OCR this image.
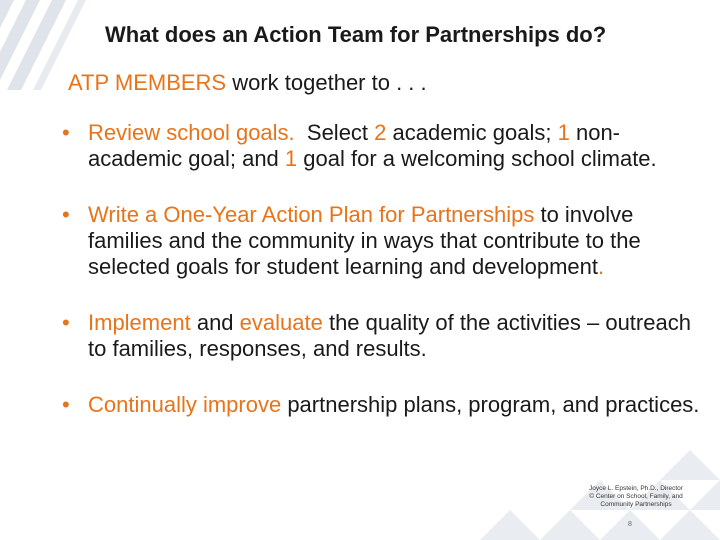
What does an Action Team for Partnerships do?
ATP MEMBERS work together to . . .
• Review school goals.  Select 2 academic goals; 1 non-academic goal; and 1 goal for a welcoming school climate.
• Write a One-Year Action Plan for Partnerships to involve families and the community in ways that contribute to the selected goals for student learning and development.
• Implement and evaluate the quality of the activities – outreach to families, responses, and results.
• Continually improve partnership plans, program, and practices.
Joyce L. Epstein, Ph.D., Director
© Center on School, Family, and
Community Partnerships
8
